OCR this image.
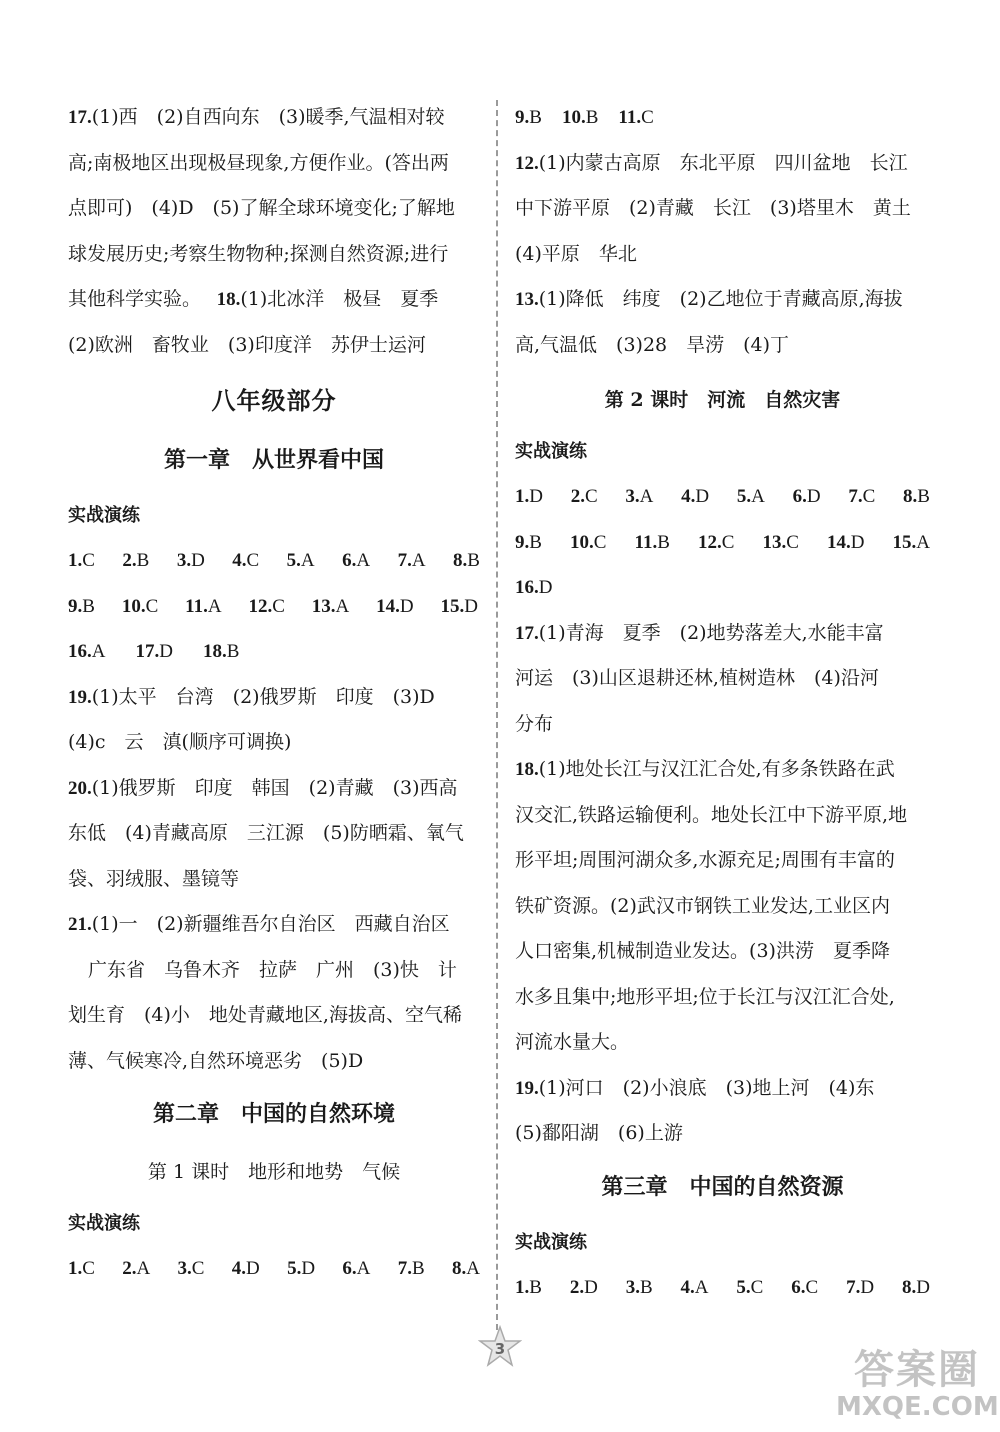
17.(1)西　(2)自西向东　(3)暖季,气温相对较

高;南极地区出现极昼现象,方便作业。(答出两

点即可)　(4)D　(5)了解全球环境变化;了解地

球发展历史;考察生物物种;探测自然资源;进行

其他科学实验。　 18.(1)北冰洋　极昼　夏季

(2)欧洲　畜牧业　(3)印度洋　苏伊士运河

八年级部分
第一章　从世界看中国
实战演练
1.C 2.B 3.D 4.C 5.A 6.A 7.A 8.B
9.B 10.C 11.A 12.C 13.A 14.D 15.D
16.A 17.D 18.B

19.(1)太平　台湾　(2)俄罗斯　印度　(3)D

(4)c　云　滇(顺序可调换)

20.(1)俄罗斯　印度　韩国　(2)青藏　(3)西高

东低　(4)青藏高原　三江源　(5)防晒霜、氧气

袋、羽绒服、墨镜等

21.(1)一　(2)新疆维吾尔自治区　西藏自治区

广东省　乌鲁木齐　拉萨　广州　(3)快　计

划生育　(4)小　地处青藏地区,海拔高、空气稀

薄、气候寒冷,自然环境恶劣　(5)D

第二章　中国的自然环境
第 1 课时　地形和地势　气候
实战演练
1.C 2.A 3.C 4.D 5.D 6.A 7.B 8.A
9.B 10.B 11.C

12.(1)内蒙古高原　东北平原　四川盆地　长江

中下游平原　(2)青藏　长江　(3)塔里木　黄土

(4)平原　华北

13.(1)降低　纬度　(2)乙地位于青藏高原,海拔

高,气温低　(3)28　旱涝　(4)丁

第 2 课时　河流　自然灾害
实战演练
1.D 2.C 3.A 4.D 5.A 6.D 7.C 8.B
9.B 10.C 11.B 12.C 13.C 14.D 15.A
16.D

17.(1)青海　夏季　(2)地势落差大,水能丰富

河运　(3)山区退耕还林,植树造林　(4)沿河

分布

18.(1)地处长江与汉江汇合处,有多条铁路在武

汉交汇,铁路运输便利。地处长江中下游平原,地

形平坦;周围河湖众多,水源充足;周围有丰富的

铁矿资源。(2)武汉市钢铁工业发达,工业区内

人口密集,机械制造业发达。(3)洪涝　夏季降

水多且集中;地形平坦;位于长江与汉江汇合处,

河流水量大。

19.(1)河口　(2)小浪底　(3)地上河　(4)东

(5)鄱阳湖　(6)上游

第三章　中国的自然资源
实战演练
1.B 2.D 3.B 4.A 5.C 6.C 7.D 8.D
3	答案圈
MXQE.COM
